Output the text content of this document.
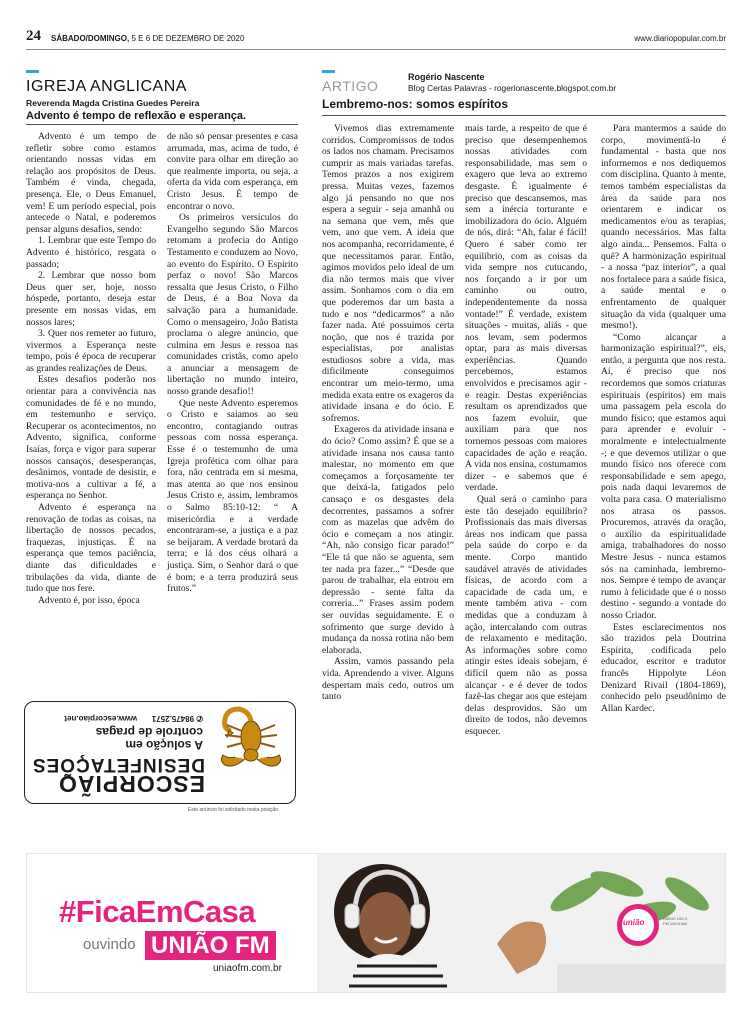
24 SÁBADO/DOMINGO, 5 E 6 DE DEZEMBRO DE 2020	www.diariopopular.com.br
IGREJA ANGLICANA
Reverenda Magda Cristina Guedes Pereira
Advento é tempo de reflexão e esperança.

Advento é um tempo de refletir sobre como estamos orientando nossas vidas em relação aos propósitos de Deus. Também é vinda, chegada, presença. Ele, o Deus Emanuel, vem! E um período especial, pois antecede o Natal, e poderemos pensar alguns desafios, sendo:

1. Lembrar que este Tempo do Advento é histórico, resgata o passado;

2. Lembrar que nosso bom Deus quer ser, hoje, nosso hóspede, portanto, deseja estar presente em nossas vidas, em nossos lares;

3. Quer nos remeter ao futuro, vivermos a Esperança neste tempo, pois é época de recuperar as grandes realizações de Deus.

Estes desafios poderão nos orientar para a convivência nas comunidades de fé e no mundo, em testemunho e serviço. Recuperar os acontecimentos, no Advento, significa, conforme Isaías, força e vigor para superar nossos cansaços, desesperanças, desânimos, vontade de desistir, e motiva-nos a cultivar a fé, a esperança no Senhor.

Advento é esperança na renovação de todas as coisas, na libertação de nossos pecados, fraquezas, injustiças. É na esperança que temos paciência, diante das dificuldades e tribulações da vida, diante de tudo que nos fere.

Advento é, por isso, época

de não só pensar presentes e casa arrumada, mas, acima de tudo, é convite para olhar em direção ao que realmente importa, ou seja, a oferta da vida com esperança, em Cristo Jesus. É tempo de encontrar o novo.

Os primeiros versículos do Evangelho segundo São Marcos retomam a profecia do Antigo Testamento e conduzem ao Novo, ao evento do Espírito. O Espírito perfaz o novo! São Marcos ressalta que Jesus Cristo, o Filho de Deus, é a Boa Nova da salvação para a humanidade. Como o mensageiro, João Batista proclama o alegre anúncio, que culmina em Jesus e ressoa nas comunidades cristãs, como apelo a anunciar a mensagem de libertação no mundo inteiro, nosso grande desafio!!

Que neste Advento esperemos o Cristo e saiamos ao seu encontro, contagiando outras pessoas com nossa esperança. Esse é o testemunho de uma Igreja profética com olhar para fora, não centrada em si mesma, mas atenta ao que nos ensinou Jesus Cristo e, assim, lembramos o Salmo 85:10-12: “ A misericórdia e a verdade encontraram-se, a justiça e a paz se beijaram. A verdade brotará da terra; e lá dos céus olhará a justiça. Sim, o Senhor dará o que é bom; e a terra produzirá seus frutos.”

ESCORPIÃO
DESINFETAÇÕES
A solução em
controle de pragas
✆ 98475.2571
www.escorpiao.net
Este anúncio foi solicitado nesta posição
ARTIGO
Rogério Nascente
Blog Certas Palavras - rogerionascente.blogspot.com.br
Lembremo-nos: somos espíritos

Vivemos dias extremamente corridos. Compromissos de todos os lados nos chamam. Precisamos cumprir as mais variadas tarefas. Temos prazos a nos exigirem pressa. Muitas vezes, fazemos algo já pensando no que nos espera a seguir - seja amanhã ou na semana que vem, mês que vem, ano que vem. A ideia que nos acompanha, recorridamente, é que necessitamos parar. Então, agimos movidos pelo ideal de um dia não termos mais que viver assim. Sonhamos com o dia em que poderemos dar um basta a tudo e nos “dedicarmos” a não fazer nada. Até possuímos certa noção, que nos é trazida por especialistas, por analistas estudiosos sobre a vida, mas dificilmente conseguimos encontrar um meio-termo, uma medida exata entre os exageros da atividade insana e do ócio. E sofremos.

Exageros da atividade insana e do ócio? Como assim? É que se a atividade insana nos causa tanto malestar, no momento em que começamos a forçosamente ter que deixá-la, fatigados pelo cansaço e os desgastes dela decorrentes, passamos a sofrer com as mazelas que advêm do ócio e começam a nos atingir. “Ah, não consigo ficar parado!” “Ele tá que não se aguenta, sem ter nada pra fazer...” “Desde que parou de trabalhar, ela entrou em depressão - sente falta da correria...” Frases assim podem ser ouvidas seguidamente. E o sofrimento que surge devido à mudança da nossa rotina não bem elaborada.

Assim, vamos passando pela vida. Aprendendo a viver. Alguns despertam mais cedo, outros um tanto

mais tarde, a respeito de que é preciso que desempenhemos nossas atividades com responsabilidade, mas sem o exagero que leva ao extremo desgaste. É igualmente é preciso que descansemos, mas sem a inércia torturante e imobilizadora do ócio. Alguém de nós, dirá: “Ah, falar é fácil! Quero é saber como ter equilíbrio, com as coisas da vida sempre nos cutucando, nos forçando a ir por um caminho ou outro, independentemente da nossa vontade!” É verdade, existem situações - muitas, aliás - que nos levam, sem podermos optar, para as mais diversas experiências. Quando percebemos, estamos envolvidos e precisamos agir - e reagir. Destas experiências resultam os aprendizados que nos fazem evoluir, que auxiliam para que nos tornemos pessoas com maiores capacidades de ação e reação. A vida nos ensina, costumamos dizer - e sabemos que é verdade.

Qual será o caminho para este tão desejado equilíbrio? Profissionais das mais diversas áreas nos indicam que passa pela saúde do corpo e da mente. Corpo mantido saudável através de atividades físicas, de acordo com a capacidade de cada um, e mente também ativa - com medidas que a conduzam à ação, intercalando com outras de relaxamento e meditação. As informações sobre como atingir estes ideais sobejam, é difícil quem não as possa alcançar - e é dever de todos fazê-las chegar aos que estejam delas desprovidos. São um direito de todos, não devemos esquecer.

Para mantermos a saúde do corpo, movimentá-lo é fundamental - basta que nos informemos e nos dediquemos com disciplina. Quanto à mente, temos também especialistas da área da saúde para nos orientarem e indicar os medicamentos e/ou as terapias, quando necessários. Mas falta algo ainda... Pensemos. Falta o quê? A harmonização espiritual - a nossa “paz interior”, a qual nos fortalece para a saúde física, a saúde mental e o enfrentamento de qualquer situação da vida (qualquer uma mesmo!).

“Como alcançar a harmonização espiritual?”, eis, então, a pergunta que nos resta. Aí, é preciso que nos recordemos que somos criaturas espirituais (espíritos) em mais uma passagem pela escola do mundo físico; que estamos aqui para aprender e evoluir - moralmente e intelectualmente -; e que devemos utilizar o que mundo físico nos oferece com responsabilidade e sem apego, pois nada daqui levaremos de volta para casa. O materialismo nos atrasa os passos. Procuremos, através da oração, o auxílio da espiritualidade amiga, trabalhadores do nosso Mestre Jesus - nunca estamos sós na caminhada, lembremo-nos. Sempre é tempo de avançar rumo à felicidade que é o nosso destino - segundo a vontade do nosso Criador.

Estes esclarecimentos nos são trazidos pela Doutrina Espírita, codificada pelo educador, escritor e tradutor francês Hippolyte Léon Denizard Rivail (1804-1869), conhecido pelo pseudônimo de Allan Kardec.

#FicaEmCasa
ouvindo UNIÃO FM
uniaofm.com.br
união	RÁDIO 100.3 FM 104.9 AM
